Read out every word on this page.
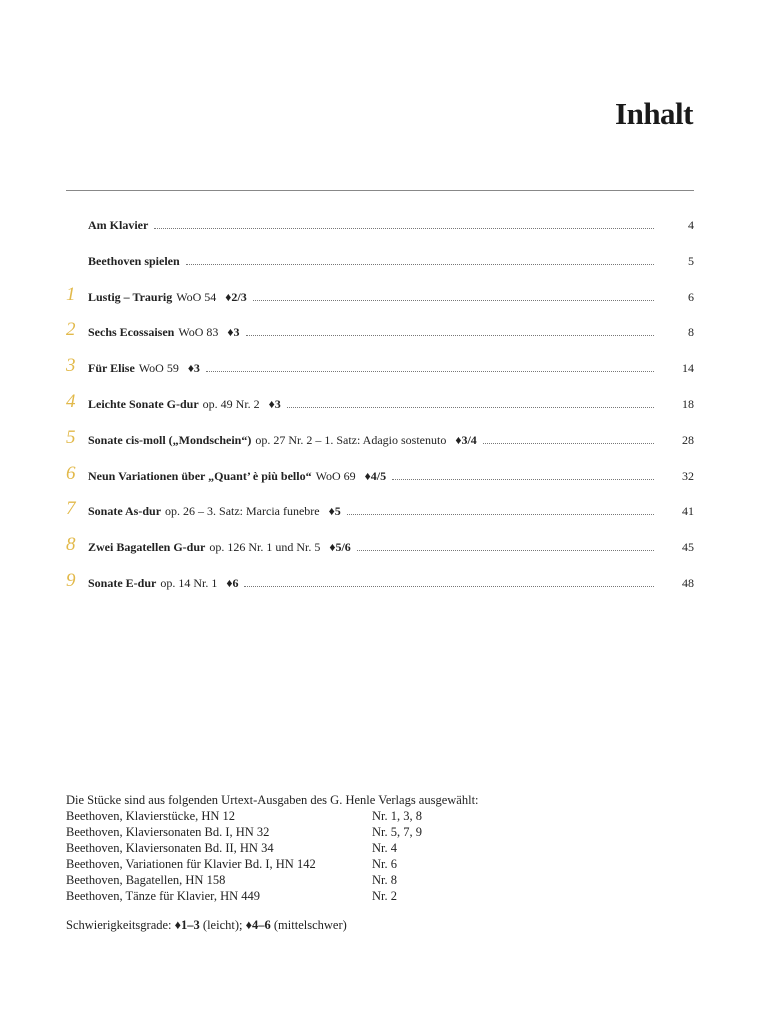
Inhalt
Am Klavier	4
Beethoven spielen	5
1	Lustig – Traurig WoO 54 ♦2/3	6
2	Sechs Ecossaisen WoO 83 ♦3	8
3	Für Elise WoO 59 ♦3	14
4	Leichte Sonate G-dur op. 49 Nr. 2 ♦3	18
5	Sonate cis-moll („Mondschein“) op. 27 Nr. 2 – 1. Satz: Adagio sostenuto ♦3/4	28
6	Neun Variationen über „Quant’ è più bello“ WoO 69 ♦4/5	32
7	Sonate As-dur op. 26 – 3. Satz: Marcia funebre ♦5	41
8	Zwei Bagatellen G-dur op. 126 Nr. 1 und Nr. 5 ♦5/6	45
9	Sonate E-dur op. 14 Nr. 1 ♦6	48
Die Stücke sind aus folgenden Urtext-Ausgaben des G. Henle Verlags ausgewählt:
Beethoven, Klavierstücke, HN 12	Nr. 1, 3, 8
Beethoven, Klaviersonaten Bd. I, HN 32	Nr. 5, 7, 9
Beethoven, Klaviersonaten Bd. II, HN 34	Nr. 4
Beethoven, Variationen für Klavier Bd. I, HN 142	Nr. 6
Beethoven, Bagatellen, HN 158	Nr. 8
Beethoven, Tänze für Klavier, HN 449	Nr. 2
Schwierigkeitsgrade: ♦1–3 (leicht); ♦4–6 (mittelschwer)
